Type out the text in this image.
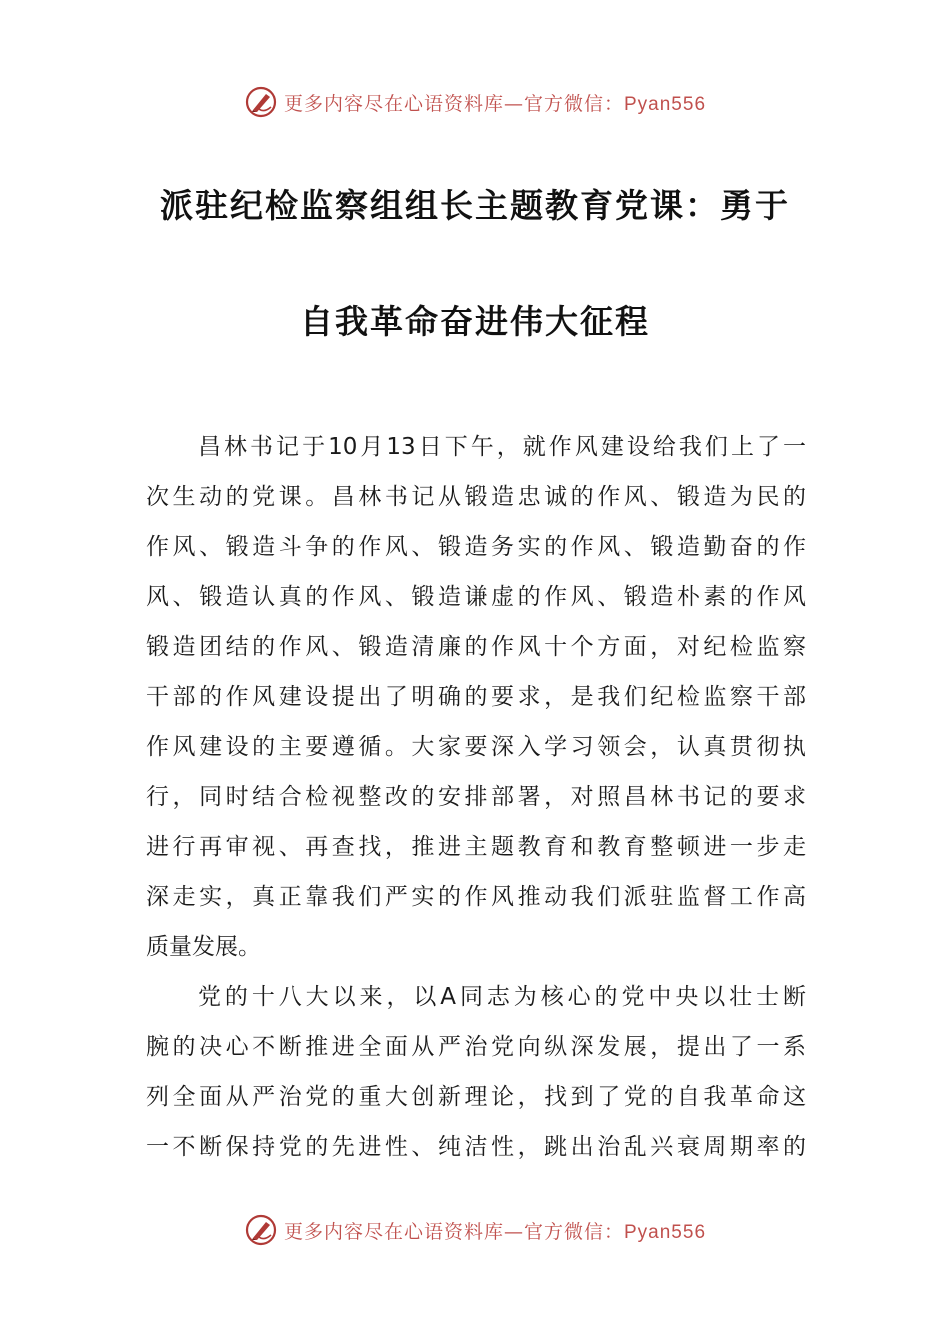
更多内容尽在心语资料库—官方微信：Pyan556
派驻纪检监察组组长主题教育党课：勇于
自我革命奋进伟大征程
昌林书记于10月13日下午，就作风建设给我们上了一
次生动的党课。昌林书记从锻造忠诚的作风、锻造为民的
作风、锻造斗争的作风、锻造务实的作风、锻造勤奋的作
风、锻造认真的作风、锻造谦虚的作风、锻造朴素的作风
锻造团结的作风、锻造清廉的作风十个方面，对纪检监察
干部的作风建设提出了明确的要求，是我们纪检监察干部
作风建设的主要遵循。大家要深入学习领会，认真贯彻执
行，同时结合检视整改的安排部署，对照昌林书记的要求
进行再审视、再查找，推进主题教育和教育整顿进一步走
深走实，真正靠我们严实的作风推动我们派驻监督工作高
质量发展。
党的十八大以来，以A同志为核心的党中央以壮士断
腕的决心不断推进全面从严治党向纵深发展，提出了一系
列全面从严治党的重大创新理论，找到了党的自我革命这
一不断保持党的先进性、纯洁性，跳出治乱兴衰周期率的
更多内容尽在心语资料库—官方微信：Pyan556
